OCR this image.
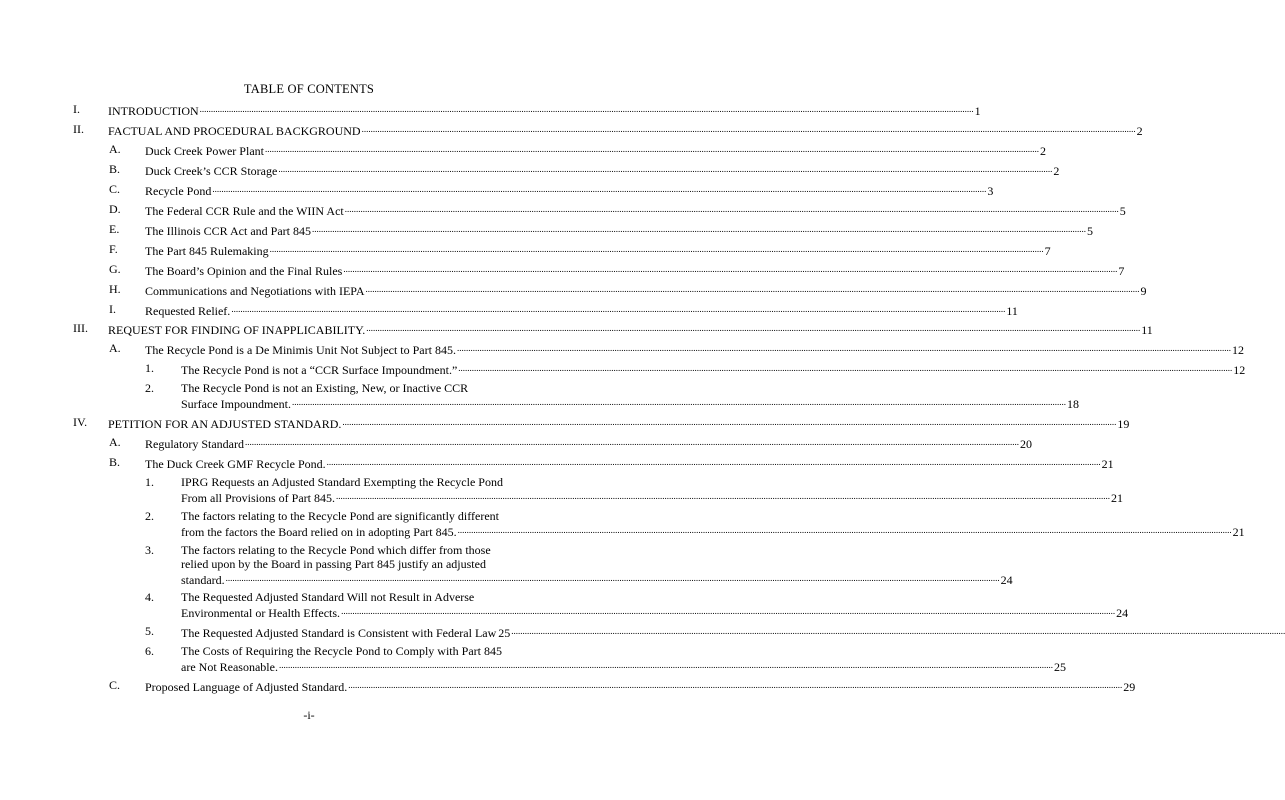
TABLE OF CONTENTS
I. INTRODUCTION ........................................................................................................................................................................................................................................................................................................................................................ 1
II. FACTUAL AND PROCEDURAL BACKGROUND ........................................................................................................................................................................................................................................................................................................................................................ 2
A. Duck Creek Power Plant ........................................................................................................................................................................................................................................................................................................................................................ 2
B. Duck Creek’s CCR Storage ........................................................................................................................................................................................................................................................................................................................................................ 2
C. Recycle Pond ........................................................................................................................................................................................................................................................................................................................................................ 3
D. The Federal CCR Rule and the WIIN Act ........................................................................................................................................................................................................................................................................................................................................................ 5
E. The Illinois CCR Act and Part 845 ........................................................................................................................................................................................................................................................................................................................................................ 5
F. The Part 845 Rulemaking ........................................................................................................................................................................................................................................................................................................................................................ 7
G. The Board’s Opinion and the Final Rules ........................................................................................................................................................................................................................................................................................................................................................ 7
H. Communications and Negotiations with IEPA ........................................................................................................................................................................................................................................................................................................................................................ 9
I. Requested Relief. ........................................................................................................................................................................................................................................................................................................................................................ 11
III. REQUEST FOR FINDING OF INAPPLICABILITY. ........................................................................................................................................................................................................................................................................................................................................................ 11
A. The Recycle Pond is a De Minimis Unit Not Subject to Part 845. ........................................................................................................................................................................................................................................................................................................................................................ 12
1. The Recycle Pond is not a “CCR Surface Impoundment.” ........................................................................................................................................................................................................................................................................................................................................................ 12
2. The Recycle Pond is not an Existing, New, or Inactive CCR
Surface Impoundment. ........................................................................................................................................................................................................................................................................................................................................................ 18
IV. PETITION FOR AN ADJUSTED STANDARD. ........................................................................................................................................................................................................................................................................................................................................................ 19
A. Regulatory Standard ........................................................................................................................................................................................................................................................................................................................................................ 20
B. The Duck Creek GMF Recycle Pond. ........................................................................................................................................................................................................................................................................................................................................................ 21
1. IPRG Requests an Adjusted Standard Exempting the Recycle Pond
From all Provisions of Part 845. ........................................................................................................................................................................................................................................................................................................................................................ 21
2. The factors relating to the Recycle Pond are significantly different
from the factors the Board relied on in adopting Part 845. ........................................................................................................................................................................................................................................................................................................................................................ 21
3. The factors relating to the Recycle Pond which differ from those
relied upon by the Board in passing Part 845 justify an adjusted
standard. ........................................................................................................................................................................................................................................................................................................................................................ 24
4. The Requested Adjusted Standard Will not Result in Adverse
Environmental or Health Effects. ........................................................................................................................................................................................................................................................................................................................................................ 24
5. The Requested Adjusted Standard is Consistent with Federal Law 25 ........................................................................................................................................................................................................................................................................................................................................................
6. The Costs of Requiring the Recycle Pond to Comply with Part 845
are Not Reasonable. ........................................................................................................................................................................................................................................................................................................................................................ 25
C. Proposed Language of Adjusted Standard. ........................................................................................................................................................................................................................................................................................................................................................ 29
-i-
